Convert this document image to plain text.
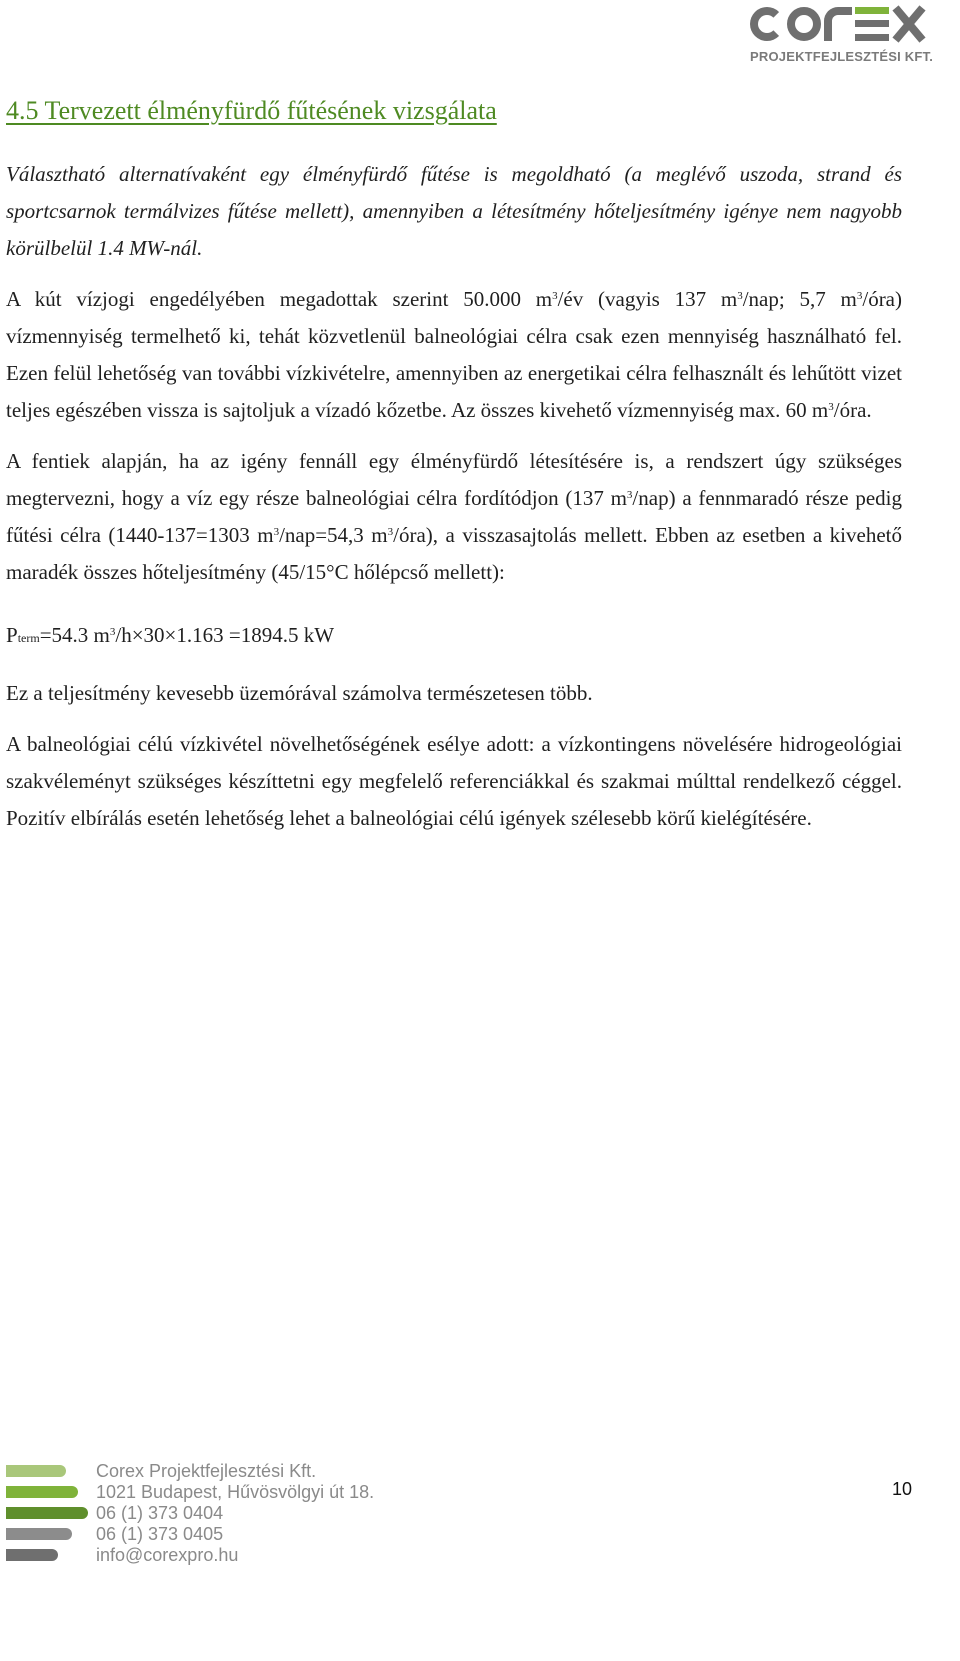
PROJEKTFEJLESZTÉSI KFT.
4.5 Tervezett élményfürdő fűtésének vizsgálata

Választható alternatívaként egy élményfürdő fűtése is megoldható (a meglévő uszoda, strand és sportcsarnok termálvizes fűtése mellett), amennyiben a létesítmény hőteljesítmény igénye nem nagyobb körülbelül 1.4 MW-nál.

A kút vízjogi engedélyében megadottak szerint 50.000 $m^3/év$ (vagyis 137 $m^3$/nap; 5,7 $m^3/óra$) vízmennyiség termelhető ki, tehát közvetlenül balneológiai célra csak ezen mennyiség használható fel. Ezen felül lehetőség van további vízkivételre, amennyiben az energetikai célra felhasznált és lehűtött vizet teljes egészében vissza is sajtoljuk a vízadó kőzetbe. Az összes kivehető vízmennyiség max. 60 $m^3$/óra.

A fentiek alapján, ha az igény fennáll egy élményfürdő létesítésére is, a rendszert úgy szükséges megtervezni, hogy a víz egy része balneológiai célra fordítódjon (137 $m^3/nap$) a fennmaradó része pedig fűtési célra (1440-137=1303 $m^3/nap=54,3$ $m^3/óra$), a visszasajtolás mellett. Ebben az esetben a kivehető maradék összes hőteljesítmény (45/15°C hőlépcső mellett):

Pterm=54.3 $m^3/h\times 30\times 1.163 =1894.5$ kW

Ez a teljesítmény kevesebb üzemórával számolva természetesen több.

A balneológiai célú vízkivétel növelhetőségének esélye adott: a vízkontingens növelésére hidrogeológiai szakvéleményt szükséges készíttetni egy megfelelő referenciákkal és szakmai múlttal rendelkező céggel. Pozitív elbírálás esetén lehetőség lehet a balneológiai célú igények szélesebb körű kielégítésére.

Corex Projektfejlesztési Kft.
1021 Budapest, Hűvösvölgyi út 18.
06 (1) 373 0404
06 (1) 373 0405
info@corexpro.hu
10
